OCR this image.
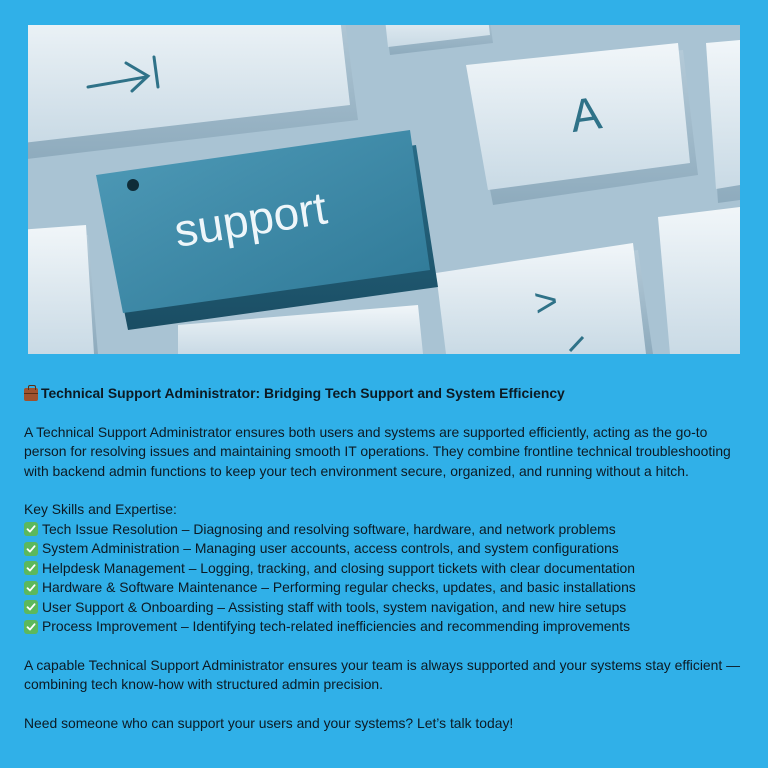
A
>
support
Technical Support Administrator: Bridging Tech Support and System Efficiency

A Technical Support Administrator ensures both users and systems are supported efficiently, acting as the go-to person for resolving issues and maintaining smooth IT operations. They combine frontline technical troubleshooting with backend admin functions to keep your tech environment secure, organized, and running without a hitch.

Key Skills and Expertise:

Tech Issue Resolution – Diagnosing and resolving software, hardware, and network problems
System Administration – Managing user accounts, access controls, and system configurations
Helpdesk Management – Logging, tracking, and closing support tickets with clear documentation
Hardware & Software Maintenance – Performing regular checks, updates, and basic installations
User Support & Onboarding – Assisting staff with tools, system navigation, and new hire setups
Process Improvement – Identifying tech-related inefficiencies and recommending improvements

A capable Technical Support Administrator ensures your team is always supported and your systems stay efficient — combining tech know-how with structured admin precision.

Need someone who can support your users and your systems? Let’s talk today!
